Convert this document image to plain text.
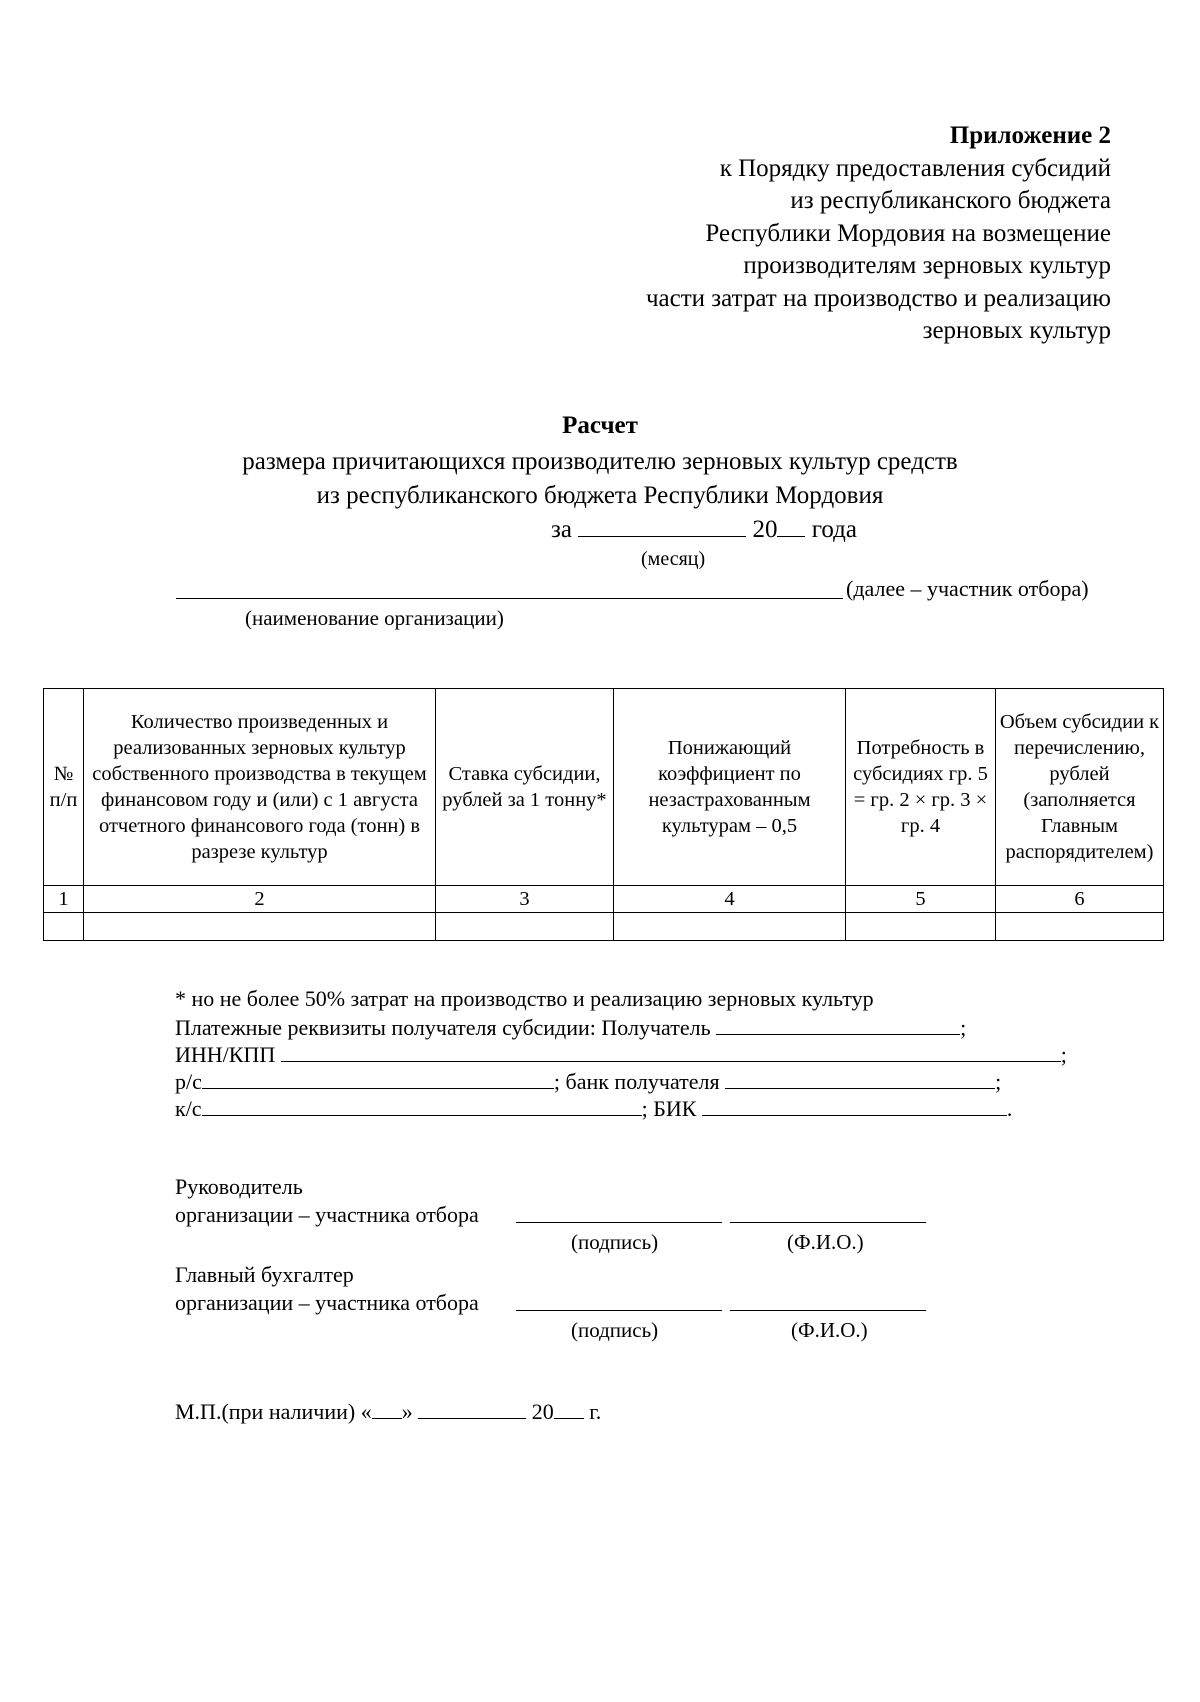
Приложение 2
к Порядку предоставления субсидий
из республиканского бюджета
Республики Мордовия на возмещение
производителям зерновых культур
части затрат на производство и реализацию
зерновых культур
Расчет
размера причитающихся производителю зерновых культур средств
из республиканского бюджета Республики Мордовия
за	20 года
(месяц)
(далее – участник отбора)
(наименование организации)
№ п/п	Количество произведенных и реализованных зерновых культур собственного производства в текущем финансовом году и (или) с 1 августа отчетного финансового года (тонн) в разрезе культур	Ставка субсидии, рублей за 1 тонну*	Понижающий коэффициент по незастрахованным культурам – 0,5	Потребность в субсидиях гр. 5 = гр. 2 × гр. 3 × гр. 4	Объем субсидии к перечислению, рублей (заполняется Главным распорядителем)
1	2	3	4	5	6

* но не более 50% затрат на производство и реализацию зерновых культур
Платежные реквизиты получателя субсидии: Получатель	;
ИНН/КПП	;
р/с	; банк получателя	;
к/с	; БИК	.
Руководитель
организации – участника отбора
(подпись)	(Ф.И.О.)
Главный бухгалтер
организации – участника отбора
(подпись)	(Ф.И.О.)
М.П.(при наличии) « »	20 г.
